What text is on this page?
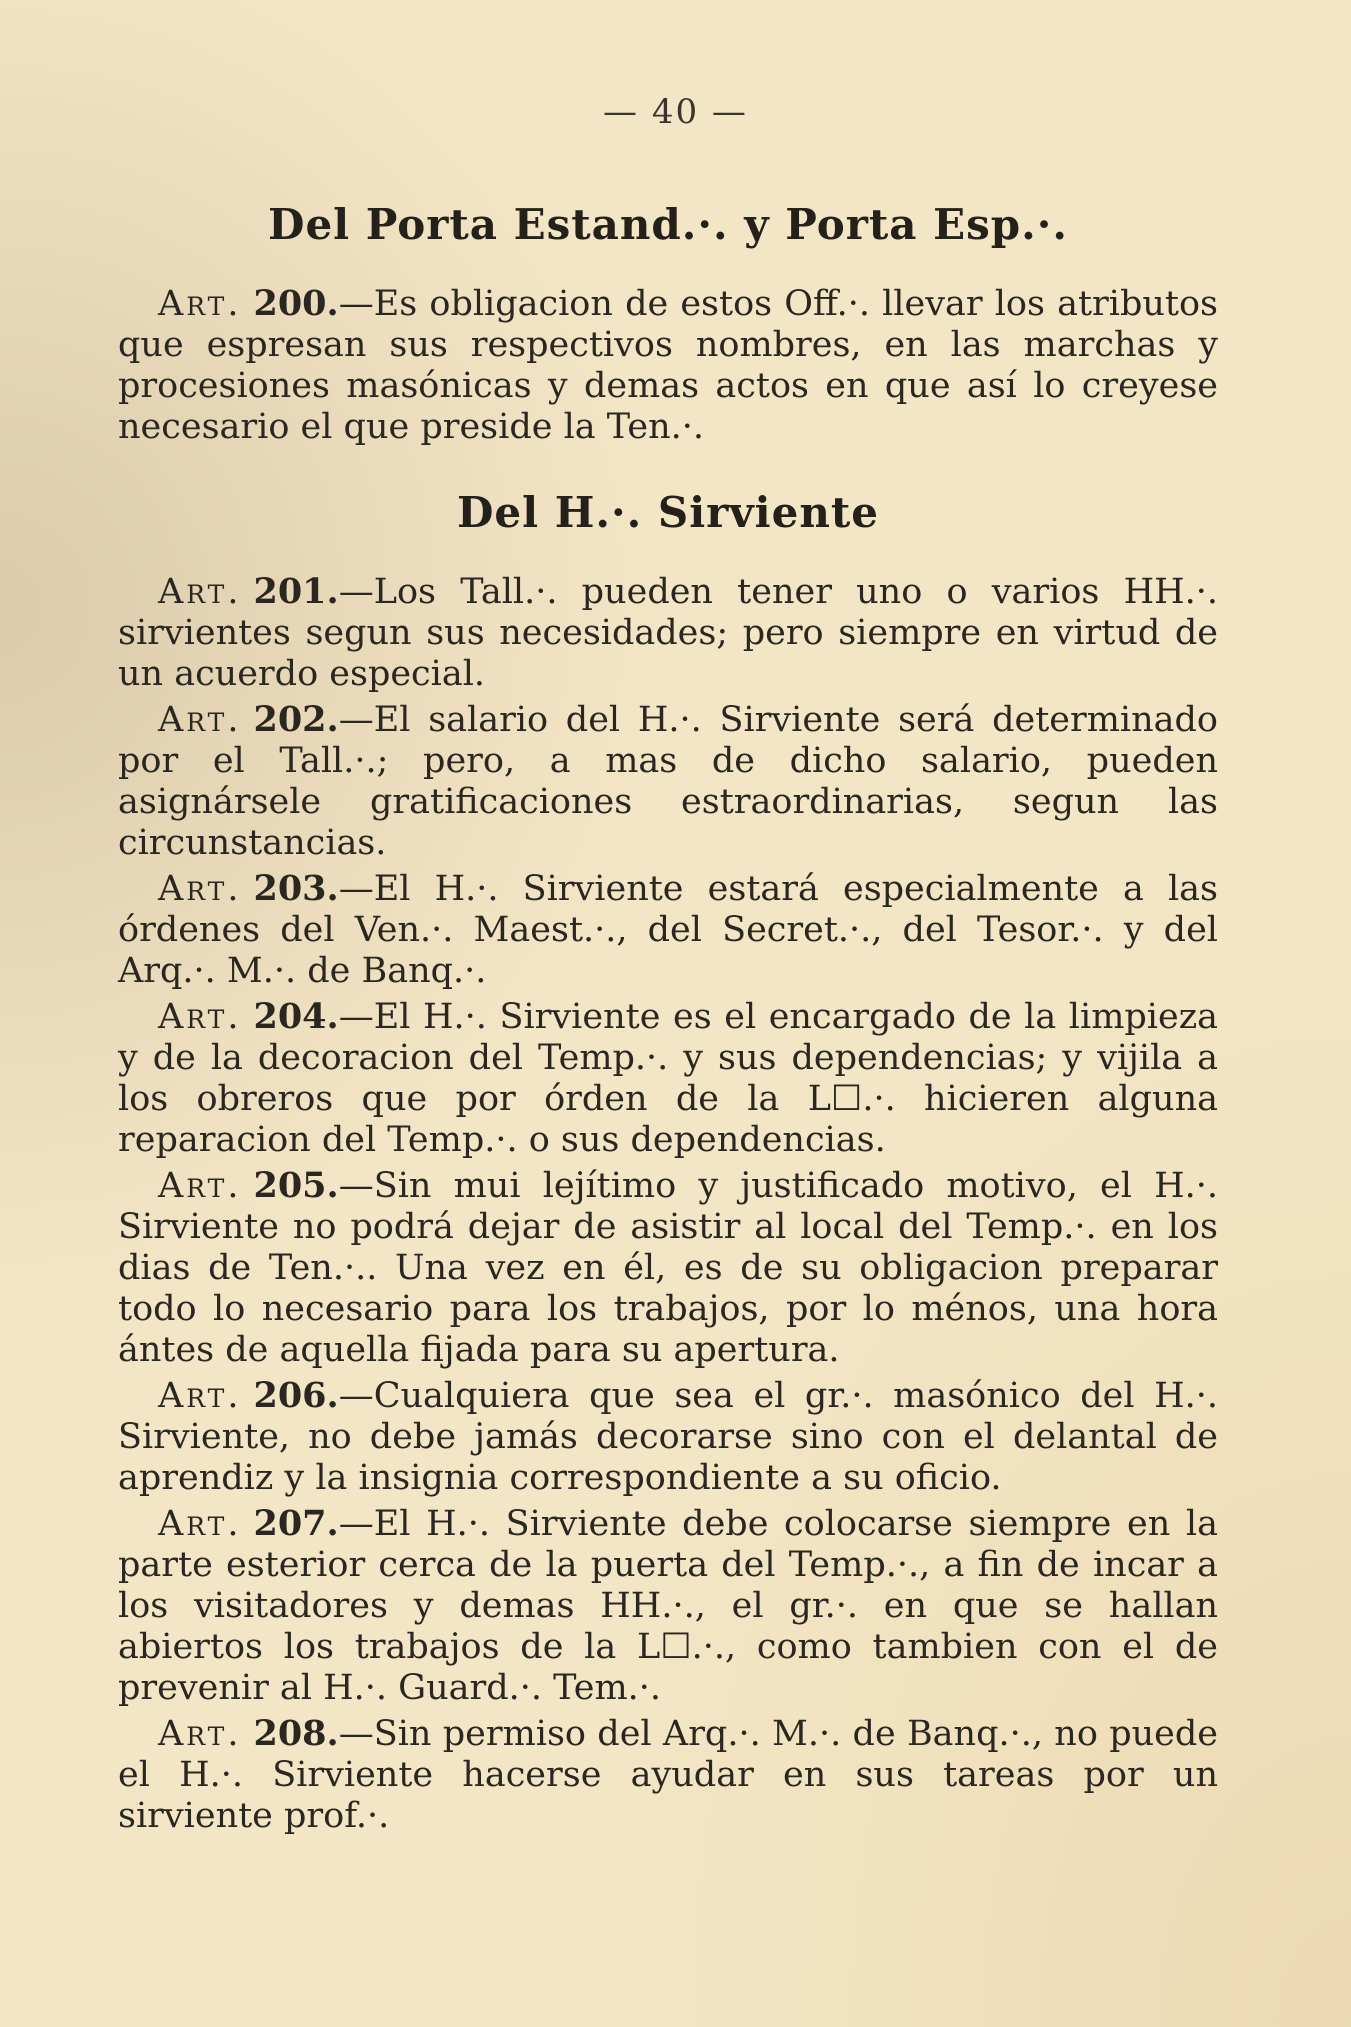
— 40 —
Del Porta Estand.·. y Porta Esp.·.

Art. 200.—Es obligacion de estos Off.·. llevar los atributos que espresan sus respectivos nombres, en las marchas y procesiones masónicas y demas actos en que así lo creyese necesario el que preside la Ten.·.

Del H.·. Sirviente

Art. 201.—Los Tall.·. pueden tener uno o varios HH.·. sirvientes segun sus necesidades; pero siempre en virtud de un acuerdo especial.

Art. 202.—El salario del H.·. Sirviente será determinado por el Tall.·.; pero, a mas de dicho salario, pueden asignársele gratificaciones estraordinarias, segun las circunstancias.

Art. 203.—El H.·. Sirviente estará especialmente a las órdenes del Ven.·. Maest.·., del Secret.·., del Tesor.·. y del Arq.·. M.·. de Banq.·.

Art. 204.—El H.·. Sirviente es el encargado de la limpieza y de la decoracion del Temp.·. y sus dependencias; y vijila a los obreros que por órden de la L☐.·. hicieren alguna reparacion del Temp.·. o sus dependencias.

Art. 205.—Sin mui lejítimo y justificado motivo, el H.·. Sirviente no podrá dejar de asistir al local del Temp.·. en los dias de Ten.·.. Una vez en él, es de su obligacion preparar todo lo necesario para los trabajos, por lo ménos, una hora ántes de aquella fijada para su apertura.

Art. 206.—Cualquiera que sea el gr.·. masónico del H.·. Sirviente, no debe jamás decorarse sino con el delantal de aprendiz y la insignia correspondiente a su oficio.

Art. 207.—El H.·. Sirviente debe colocarse siempre en la parte esterior cerca de la puerta del Temp.·., a fin de incar a los visitadores y demas HH.·., el gr.·. en que se hallan abiertos los trabajos de la L☐.·., como tambien con el de prevenir al H.·. Guard.·. Tem.·.

Art. 208.—Sin permiso del Arq.·. M.·. de Banq.·., no puede el H.·. Sirviente hacerse ayudar en sus tareas por un sirviente prof.·.
